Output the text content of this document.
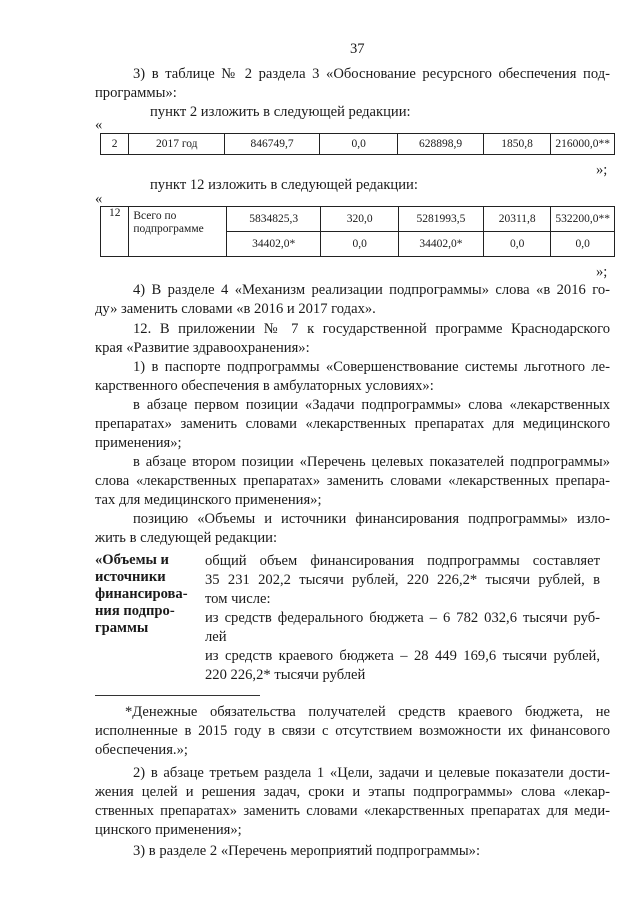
37
3) в таблице № 2 раздела 3 «Обоснование ресурсного обеспечения под-
программы»:
пункт 2 изложить в следующей редакции:
«
2	2017 год	846749,7	0,0	628898,9	1850,8	216000,0**
»;
пункт 12 изложить в следующей редакции:
«
12	Всего по
подпрограмме	5834825,3	320,0	5281993,5	20311,8	532200,0**
		34402,0*	0,0	34402,0*	0,0	0,0
»;
4) В разделе 4 «Механизм реализации подпрограммы» слова «в 2016 го-
ду» заменить словами «в 2016 и 2017 годах».
12. В приложении № 7 к государственной программе Краснодарского
края «Развитие здравоохранения»:
1) в паспорте подпрограммы «Совершенствование системы льготного ле-
карственного обеспечения в амбулаторных условиях»:
в абзаце первом позиции «Задачи подпрограммы» слова «лекарственных
препаратах» заменить словами «лекарственных препаратах для медицинского
применения»;
в абзаце втором позиции «Перечень целевых показателей подпрограммы»
слова «лекарственных препаратах» заменить словами «лекарственных препара-
тах для медицинского применения»;
позицию «Объемы и источники финансирования подпрограммы» излo-
жить в следующей редакции:
«Объемы и
источники
финансирова-
ния подпро-
граммы
общий объем финансирования подпрограммы составляет
35 231 202,2 тысячи рублей, 220 226,2* тысячи рублей, в
том числе:
из средств федерального бюджета – 6 782 032,6 тысячи руб-
лей
из средств краевого бюджета – 28 449 169,6 тысячи рублей,
220 226,2* тысячи рублей
*Денежные обязательства получателей средств краевого бюджета, не
исполненные в 2015 году в связи с отсутствием возможности их финансового
обеспечения.»;
2) в абзаце третьем раздела 1 «Цели, задачи и целевые показатели дости-
жения целей и решения задач, сроки и этапы подпрограммы» слова «лекар-
ственных препаратах» заменить словами «лекарственных препаратах для меди-
цинского применения»;
3) в разделе 2 «Перечень мероприятий подпрограммы»:
